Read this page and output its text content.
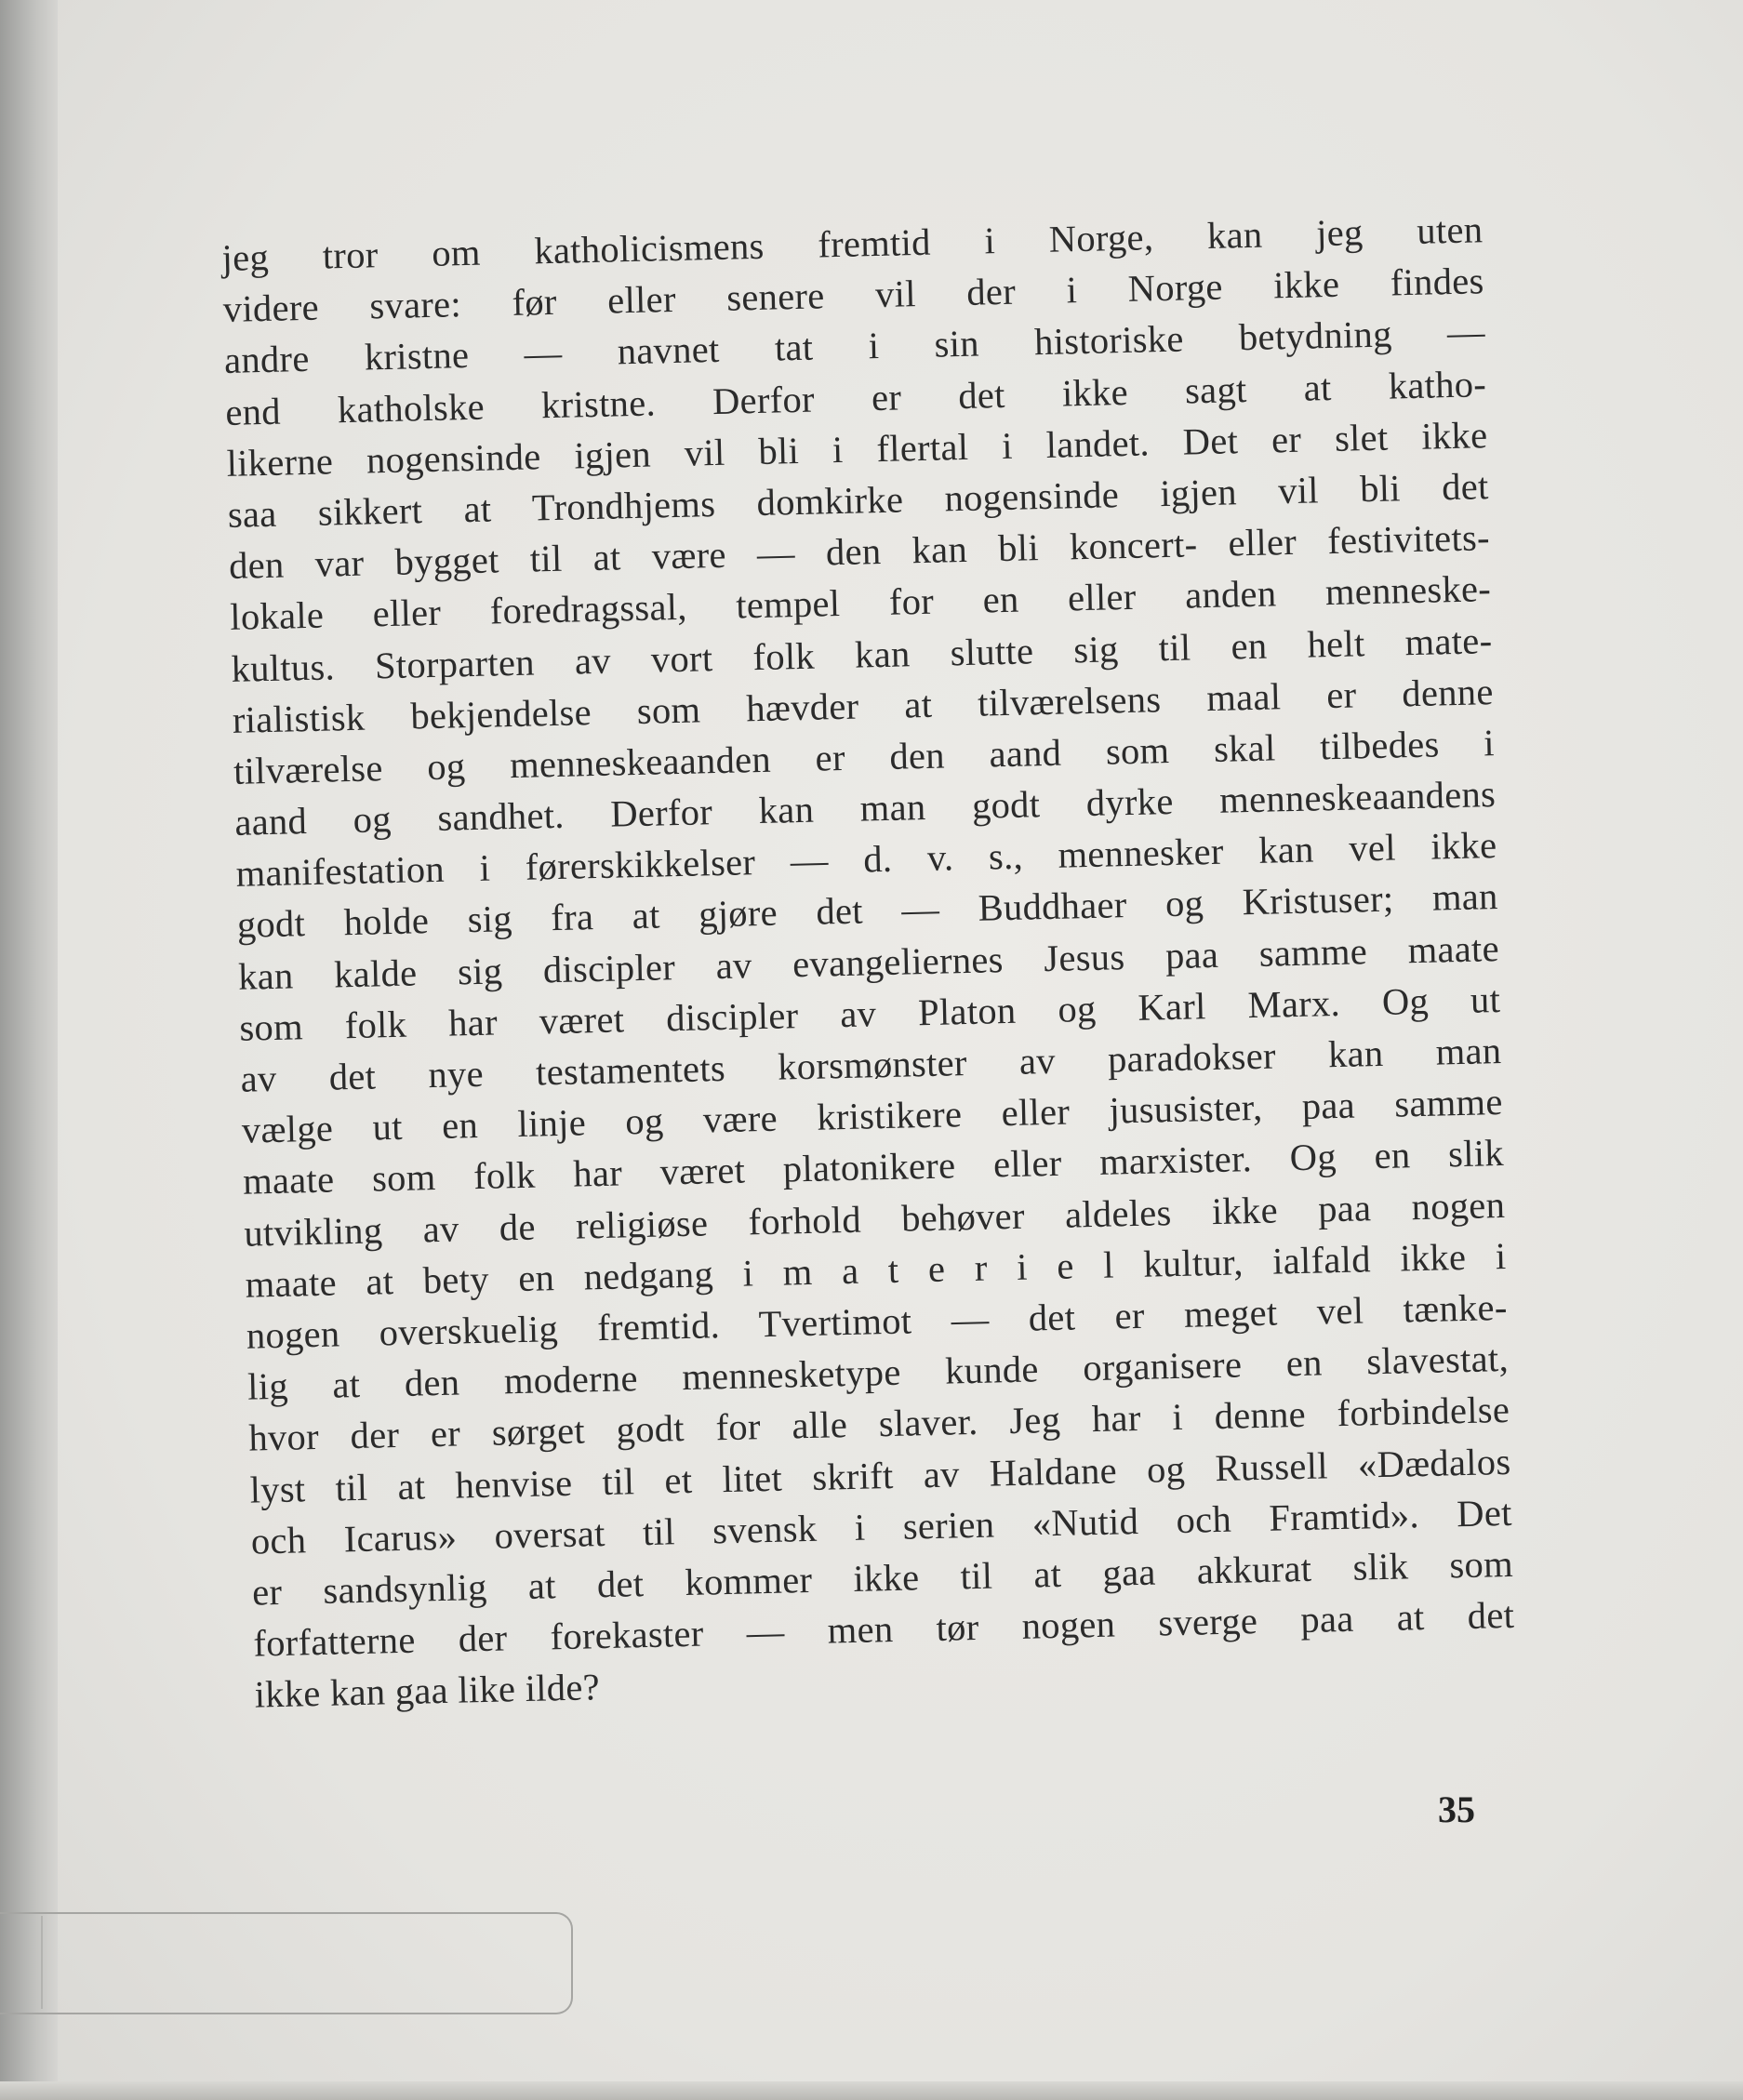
jeg tror om katholicismens fremtid i Norge, kan jeg uten
videre svare: før eller senere vil der i Norge ikke findes
andre kristne — navnet tat i sin historiske betydning —
end katholske kristne. Derfor er det ikke sagt at katho-
likerne nogensinde igjen vil bli i flertal i landet. Det er slet ikke
saa sikkert at Trondhjems domkirke nogensinde igjen vil bli det
den var bygget til at være — den kan bli koncert- eller festivitets-
lokale eller foredragssal, tempel for en eller anden menneske-
kultus. Storparten av vort folk kan slutte sig til en helt mate-
rialistisk bekjendelse som hævder at tilværelsens maal er denne
tilværelse og menneskeaanden er den aand som skal tilbedes i
aand og sandhet. Derfor kan man godt dyrke menneskeaandens
manifestation i førerskikkelser — d. v. s., mennesker kan vel ikke
godt holde sig fra at gjøre det — Buddhaer og Kristuser; man
kan kalde sig discipler av evangeliernes Jesus paa samme maate
som folk har været discipler av Platon og Karl Marx. Og ut
av det nye testamentets korsmønster av paradokser kan man
vælge ut en linje og være kristikere eller jususister, paa samme
maate som folk har været platonikere eller marxister. Og en slik
utvikling av de religiøse forhold behøver aldeles ikke paa nogen
maate at bety en nedgang i m a t e r i e l kultur, ialfald ikke i
nogen overskuelig fremtid. Tvertimot — det er meget vel tænke-
lig at den moderne mennesketype kunde organisere en slavestat,
hvor der er sørget godt for alle slaver. Jeg har i denne forbindelse
lyst til at henvise til et litet skrift av Haldane og Russell «Dædalos
och Icarus» oversat til svensk i serien «Nutid och Framtid». Det
er sandsynlig at det kommer ikke til at gaa akkurat slik som
forfatterne der forekaster — men tør nogen sverge paa at det
ikke kan gaa like ilde?
35
